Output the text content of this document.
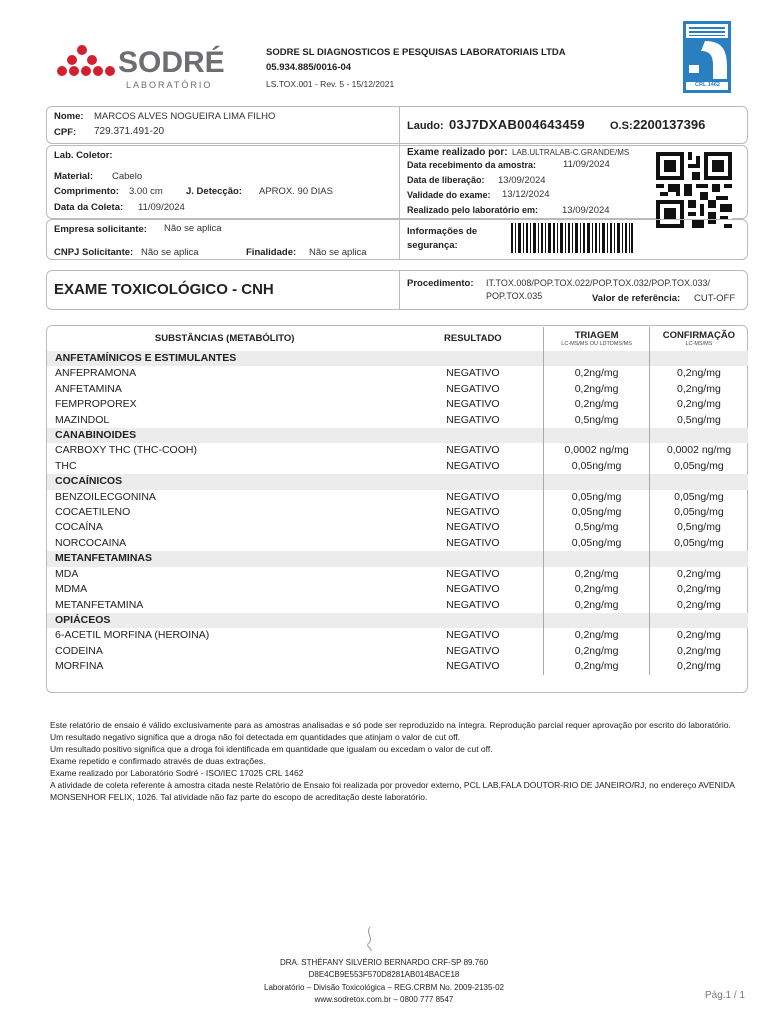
SODRÉ
LABORATÓRIO
SODRE SL DIAGNOSTICOS E PESQUISAS LABORATORIAIS LTDA
05.934.885/0016-04
LS.TOX.001 - Rev. 5 - 15/12/2021	CRL 1462
Nome: MARCOS ALVES NOGUEIRA LIMA FILHO
CPF: 729.371.491-20	Laudo: 03J7DXAB004643459 O.S: 2200137396
Lab. Coletor:
Material: Cabelo
Comprimento: 3.00 cm J. Detecção: APROX. 90 DIAS
Data da Coleta: 11/09/2024
Exame realizado por: LAB.ULTRALAB-C.GRANDE/MS
Data recebimento da amostra:	11/09/2024
Data de liberação: 13/09/2024
Validade do exame: 13/12/2024
Realizado pelo laboratório em:	13/09/2024
Empresa solicitante: Não se aplica
CNPJ Solicitante: Não se aplica	Finalidade: Não se aplica
Informações de
segurança:
EXAME TOXICOLÓGICO - CNH	Procedimento: IT.TOX.008/POP.TOX.022/POP.TOX.032/POP.TOX.033/
POP.TOX.035	Valor de referência: CUT-OFF
SUBSTÂNCIAS (METABÓLITO)	RESULTADO	TRIAGEM
LC-MS/MS OU LDTDMS/MS	CONFIRMAÇÃO
LC-MS/MS

ANFETAMÍNICOS E ESTIMULANTES			
ANFEPRAMONA	NEGATIVO	0,2ng/mg	0,2ng/mg
ANFETAMINA	NEGATIVO	0,2ng/mg	0,2ng/mg
FEMPROPOREX	NEGATIVO	0,2ng/mg	0,2ng/mg
MAZINDOL	NEGATIVO	0,5ng/mg	0,5ng/mg
CANABINOIDES			
CARBOXY THC (THC-COOH)	NEGATIVO	0,0002 ng/mg	0,0002 ng/mg
THC	NEGATIVO	0,05ng/mg	0,05ng/mg
COCAÍNICOS			
BENZOILECGONINA	NEGATIVO	0,05ng/mg	0,05ng/mg
COCAETILENO	NEGATIVO	0,05ng/mg	0,05ng/mg
COCAÍNA	NEGATIVO	0,5ng/mg	0,5ng/mg
NORCOCAINA	NEGATIVO	0,05ng/mg	0,05ng/mg
METANFETAMINAS			
MDA	NEGATIVO	0,2ng/mg	0,2ng/mg
MDMA	NEGATIVO	0,2ng/mg	0,2ng/mg
METANFETAMINA	NEGATIVO	0,2ng/mg	0,2ng/mg
OPIÁCEOS			
6-ACETIL MORFINA (HEROINA)	NEGATIVO	0,2ng/mg	0,2ng/mg
CODEINA	NEGATIVO	0,2ng/mg	0,2ng/mg
MORFINA	NEGATIVO	0,2ng/mg	0,2ng/mg

Este relatório de ensaio é válido exclusivamente para as amostras analisadas e só pode ser reproduzido na íntegra. Reprodução parcial requer aprovação por escrito do laboratório.

Um resultado negativo significa que a droga não foi detectada em quantidades que atinjam o valor de cut off.

Um resultado positivo significa que a droga foi identificada em quantidade que igualam ou excedam o valor de cut off.

Exame repetido e confirmado através de duas extrações.

Exame realizado por Laboratório Sodré - ISO/IEC 17025 CRL 1462

A atividade de coleta referente à amostra citada neste Relatório de Ensaio foi realizada por provedor externo, PCL LAB.FALA DOUTOR-RIO DE JANEIRO/RJ, no endereço AVENIDA MONSENHOR FELIX, 1026. Tal atividade não faz parte do escopo de acreditação deste laboratório.

DRA. STHÉFANY SILVÉRIO BERNARDO CRF-SP 89.760
D8E4CB9E553F570D8281AB014BACE18
Laboratório – Divisão Toxicológica – REG.CRBM No. 2009-2135-02
www.sodretox.com.br – 0800 777 8547	Pág.1 / 1
